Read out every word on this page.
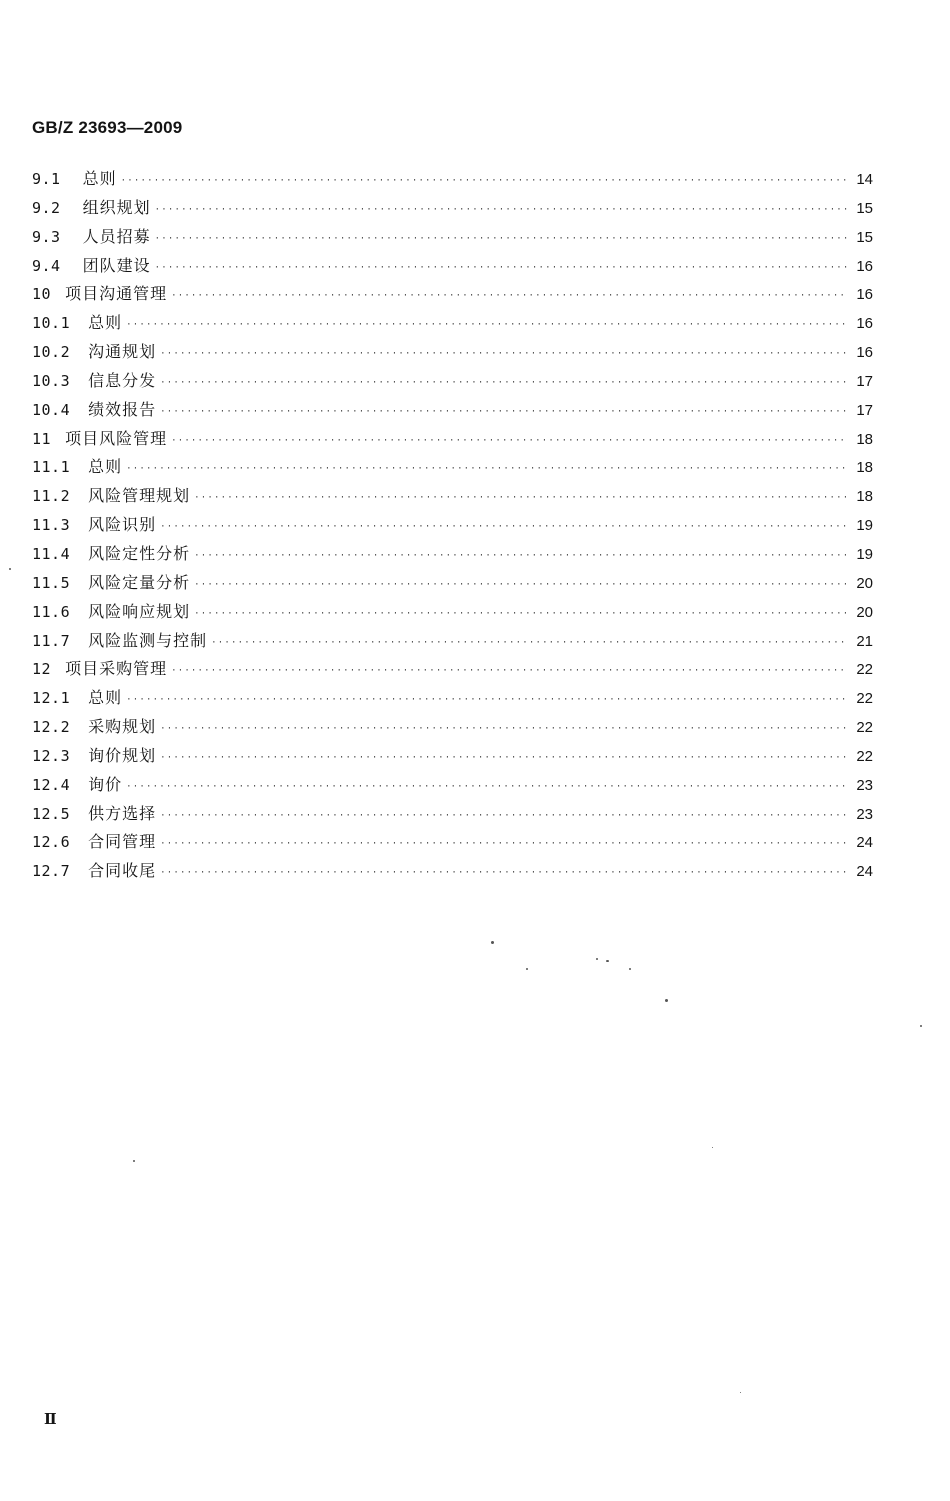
GB/Z 23693—2009
9.1 总则 ·····	14
9.2 组织规划 ·····	15
9.3 人员招募 ·····	15
9.4 团队建设 ·····	16
10 项目沟通管理 ·····	16
10.1 总则 ·····	16
10.2 沟通规划 ·····	16
10.3 信息分发 ·····	17
10.4 绩效报告 ·····	17
11 项目风险管理 ·····	18
11.1 总则 ·····	18
11.2 风险管理规划 ·····	18
11.3 风险识别 ·····	19
11.4 风险定性分析 ·····	19
11.5 风险定量分析 ·····	20
11.6 风险响应规划 ·····	20
11.7 风险监测与控制 ·····	21
12 项目采购管理 ·····	22
12.1 总则 ·····	22
12.2 采购规划 ·····	22
12.3 询价规划 ·····	22
12.4 询价 ·····	23
12.5 供方选择 ·····	23
12.6 合同管理 ·····	24
12.7 合同收尾 ·····	24
Ⅱ
